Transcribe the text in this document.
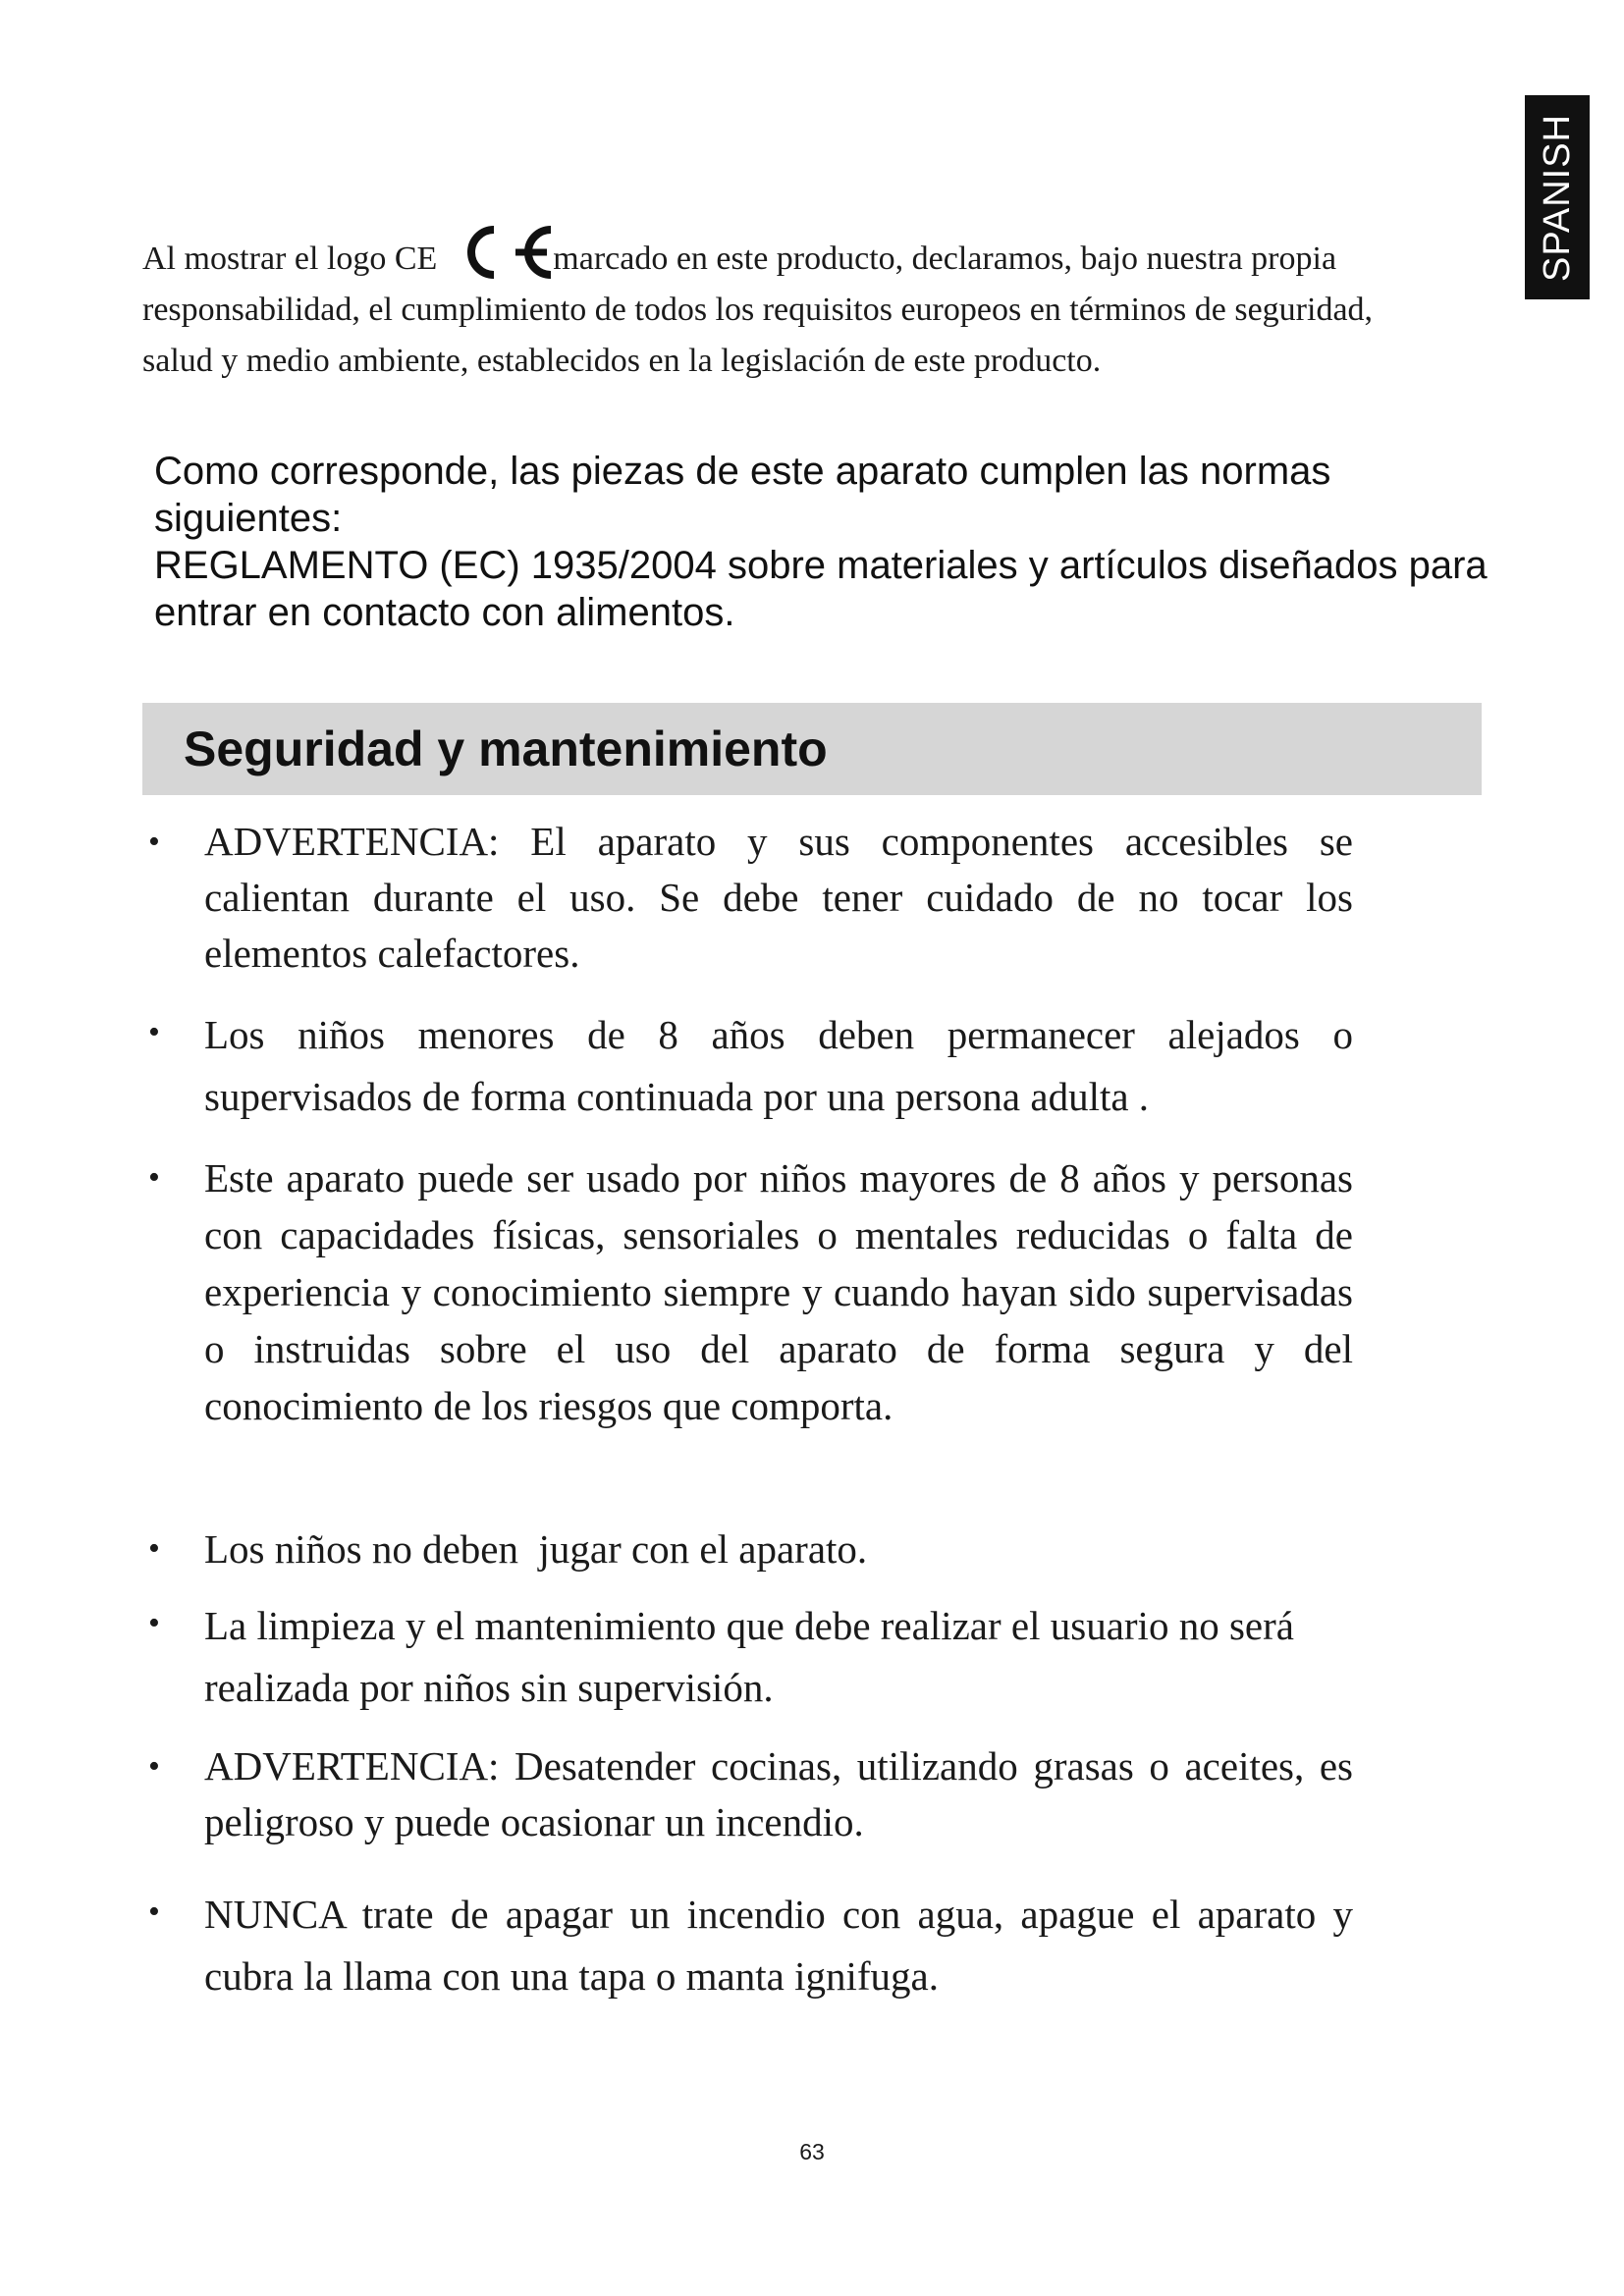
SPANISH

Al mostrar el logo CE	marcado en este producto, declaramos, bajo nuestra propia responsabilidad, el cumplimiento de todos los requisitos europeos en términos de seguridad, salud y medio ambiente, establecidos en la legislación de este producto.

Como corresponde, las piezas de este aparato cumplen las normas siguientes:

REGLAMENTO (EC) 1935/2004 sobre materiales y artículos diseñados para entrar en contacto con alimentos.

Seguridad y mantenimiento
• ADVERTENCIA: El aparato y sus componentes accesibles se calientan durante el uso. Se debe tener cuidado de no tocar los elementos calefactores.
• Los niños menores de 8 años deben permanecer alejados o supervisados de forma continuada por una persona adulta .
• Este aparato puede ser usado por niños mayores de 8 años y personas con capacidades físicas, sensoriales o mentales reducidas o falta de experiencia y conocimiento siempre y cuando hayan sido supervisadas o instruidas sobre el uso del aparato de forma segura y del conocimiento de los riesgos que comporta.
• Los niños no deben  jugar con el aparato.
• La limpieza y el mantenimiento que debe realizar el usuario no será realizada por niños sin supervisión.
• ADVERTENCIA: Desatender cocinas, utilizando grasas o aceites, es peligroso y puede ocasionar un incendio.
• NUNCA trate de apagar un incendio con agua, apague el aparato y cubra la llama con una tapa o manta ignifuga.
63
